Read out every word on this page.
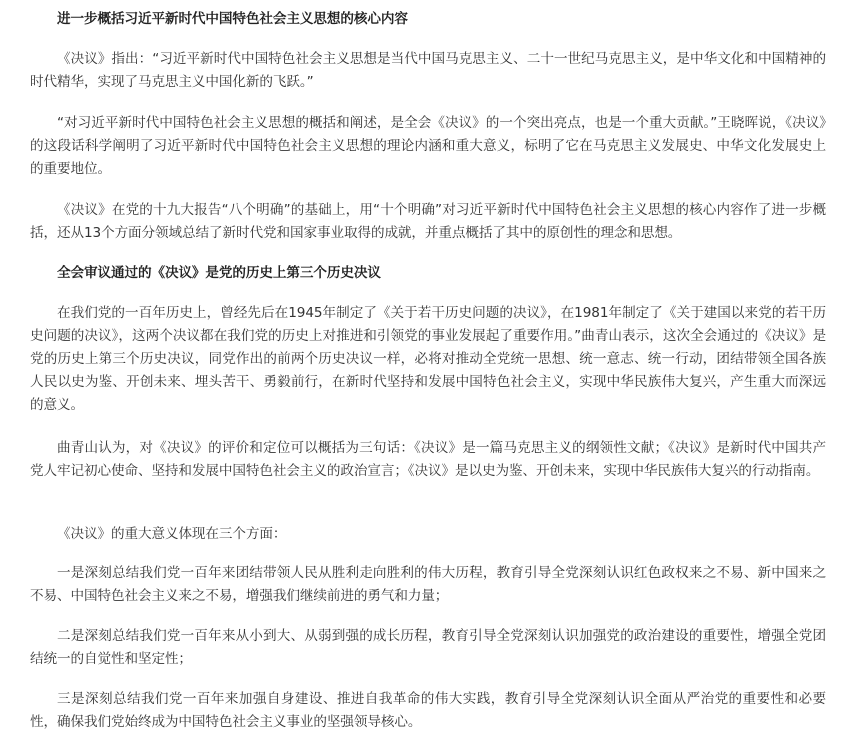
进一步概括习近平新时代中国特色社会主义思想的核心内容

《决议》指出：“习近平新时代中国特色社会主义思想是当代中国马克思主义、二十一世纪马克思主义，是中华文化和中国精神的时代精华，实现了马克思主义中国化新的飞跃。”

“对习近平新时代中国特色社会主义思想的概括和阐述，是全会《决议》的一个突出亮点，也是一个重大贡献。”王晓晖说，《决议》的这段话科学阐明了习近平新时代中国特色社会主义思想的理论内涵和重大意义，标明了它在马克思主义发展史、中华文化发展史上的重要地位。

《决议》在党的十九大报告“八个明确”的基础上，用“十个明确”对习近平新时代中国特色社会主义思想的核心内容作了进一步概括，还从13个方面分领域总结了新时代党和国家事业取得的成就，并重点概括了其中的原创性的理念和思想。

全会审议通过的《决议》是党的历史上第三个历史决议

在我们党的一百年历史上，曾经先后在1945年制定了《关于若干历史问题的决议》，在1981年制定了《关于建国以来党的若干历史问题的决议》，这两个决议都在我们党的历史上对推进和引领党的事业发展起了重要作用。”曲青山表示，这次全会通过的《决议》是党的历史上第三个历史决议，同党作出的前两个历史决议一样，必将对推动全党统一思想、统一意志、统一行动，团结带领全国各族人民以史为鉴、开创未来、埋头苦干、勇毅前行，在新时代坚持和发展中国特色社会主义，实现中华民族伟大复兴，产生重大而深远的意义。

曲青山认为，对《决议》的评价和定位可以概括为三句话：《决议》是一篇马克思主义的纲领性文献；《决议》是新时代中国共产党人牢记初心使命、坚持和发展中国特色社会主义的政治宣言；《决议》是以史为鉴、开创未来，实现中华民族伟大复兴的行动指南。

《决议》的重大意义体现在三个方面：

一是深刻总结我们党一百年来团结带领人民从胜利走向胜利的伟大历程，教育引导全党深刻认识红色政权来之不易、新中国来之不易、中国特色社会主义来之不易，增强我们继续前进的勇气和力量；

二是深刻总结我们党一百年来从小到大、从弱到强的成长历程，教育引导全党深刻认识加强党的政治建设的重要性，增强全党团结统一的自觉性和坚定性；

三是深刻总结我们党一百年来加强自身建设、推进自我革命的伟大实践，教育引导全党深刻认识全面从严治党的重要性和必要性，确保我们党始终成为中国特色社会主义事业的坚强领导核心。
